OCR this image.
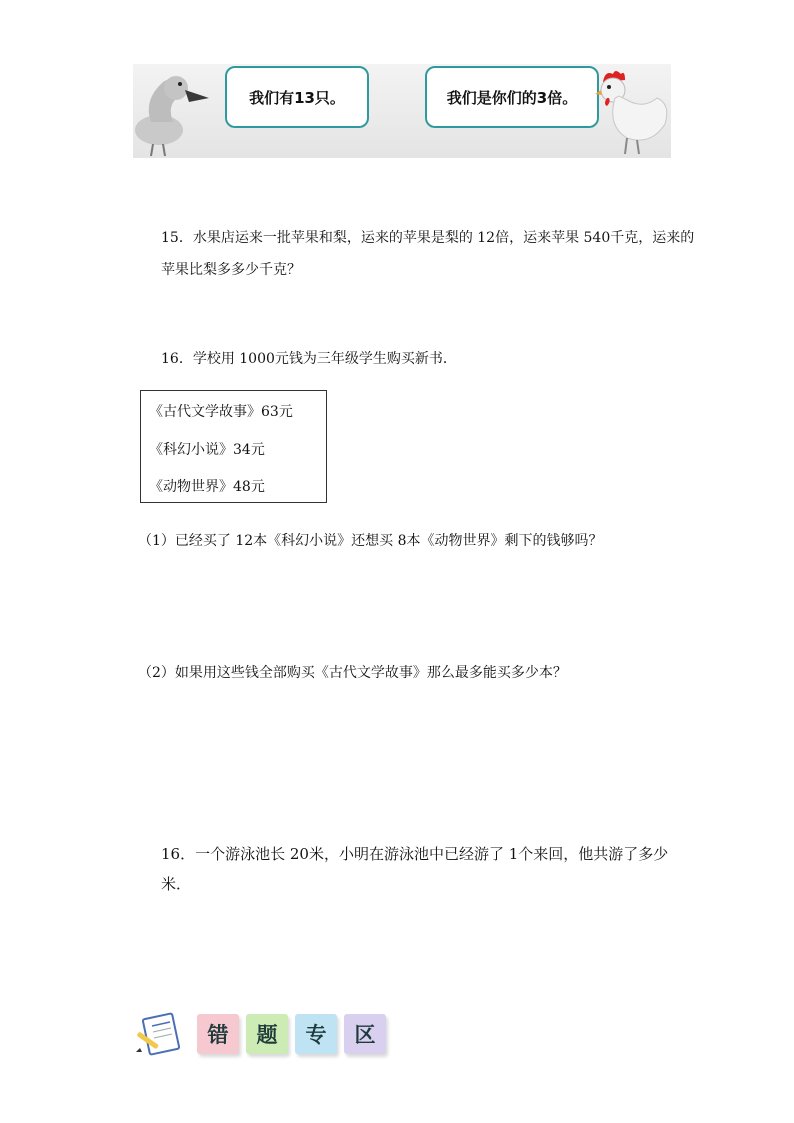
我们有13只。	我们是你们的3倍。
15．水果店运来一批苹果和梨，运来的苹果是梨的 12倍，运来苹果 540千克，运来的
苹果比梨多多少千克？
16．学校用 1000元钱为三年级学生购买新书．
《古代文学故事》63元
《科幻小说》34元
《动物世界》48元
（1）已经买了 12本《科幻小说》还想买 8本《动物世界》剩下的钱够吗？
（2）如果用这些钱全部购买《古代文学故事》那么最多能买多少本？
16．一个游泳池长 20米，小明在游泳池中已经游了 1个来回，他共游了多少
米．
错	题	专	区
